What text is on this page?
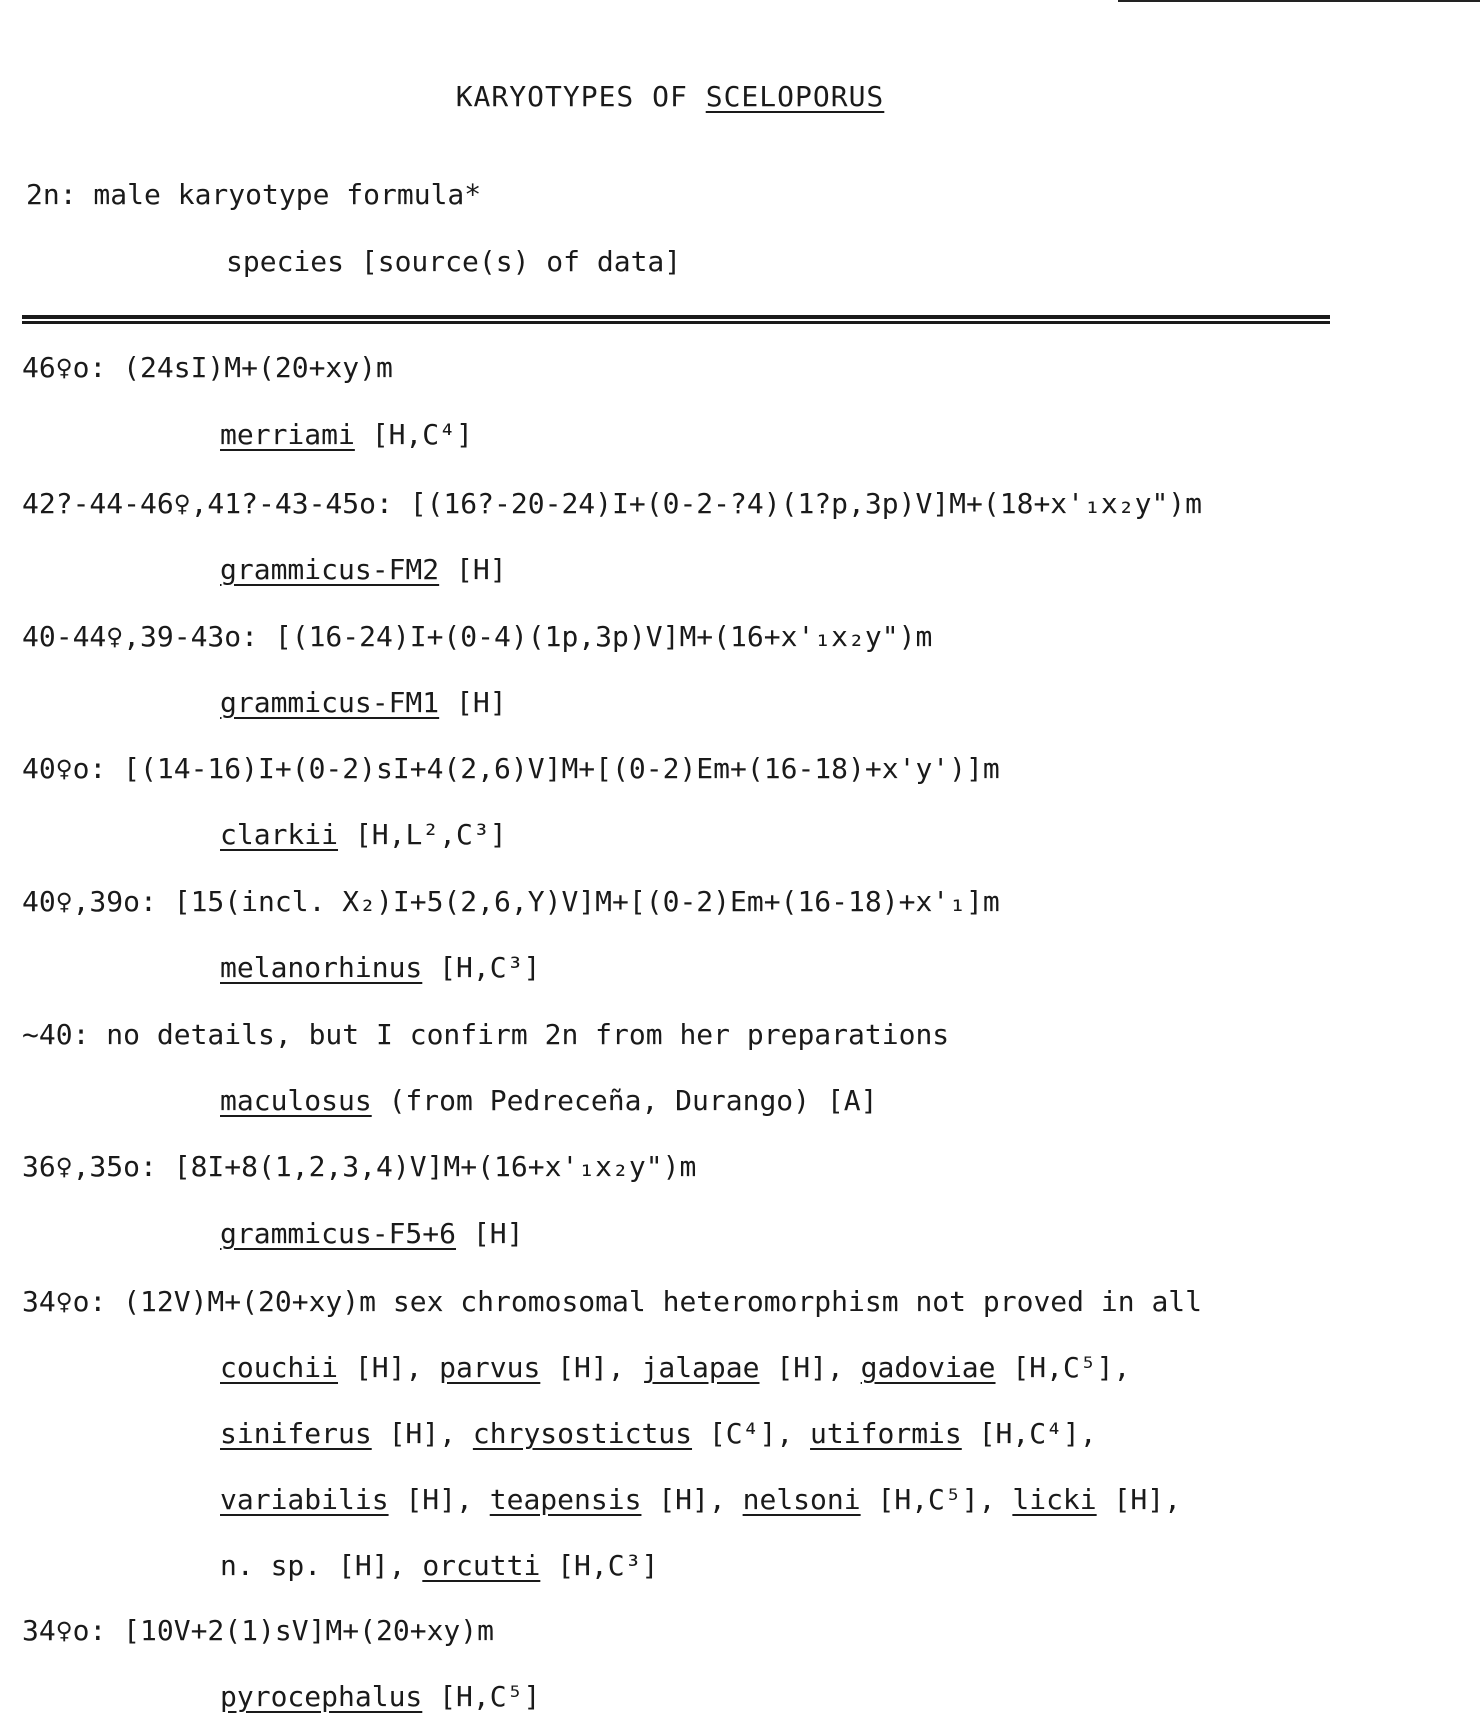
KARYOTYPES OF SCELOPORUS
2n: male karyotype formula*
species [source(s) of data]
46♀o: (24sI)M+(20+xy)m
merriami [H,C⁴]
42?-44-46♀,41?-43-45o: [(16?-20-24)I+(0-2-?4)(1?p,3p)V]M+(18+x'₁x₂y")m
grammicus-FM2 [H]
40-44♀,39-43o: [(16-24)I+(0-4)(1p,3p)V]M+(16+x'₁x₂y")m
grammicus-FM1 [H]
40♀o: [(14-16)I+(0-2)sI+4(2,6)V]M+[(0-2)Em+(16-18)+x'y')]m
clarkii [H,L²,C³]
40♀,39o: [15(incl. X₂)I+5(2,6,Y)V]M+[(0-2)Em+(16-18)+x'₁]m
melanorhinus [H,C³]
~40: no details, but I confirm 2n from her preparations
maculosus (from Pedreceña, Durango) [A]
36♀,35o: [8I+8(1,2,3,4)V]M+(16+x'₁x₂y")m
grammicus-F5+6 [H]
34♀o: (12V)M+(20+xy)m sex chromosomal heteromorphism not proved in all
couchii [H], parvus [H], jalapae [H], gadoviae [H,C⁵],
siniferus [H], chrysostictus [C⁴], utiformis [H,C⁴],
variabilis [H], teapensis [H], nelsoni [H,C⁵], licki [H],
n. sp. [H], orcutti [H,C³]
34♀o: [10V+2(1)sV]M+(20+xy)m
pyrocephalus [H,C⁵]
